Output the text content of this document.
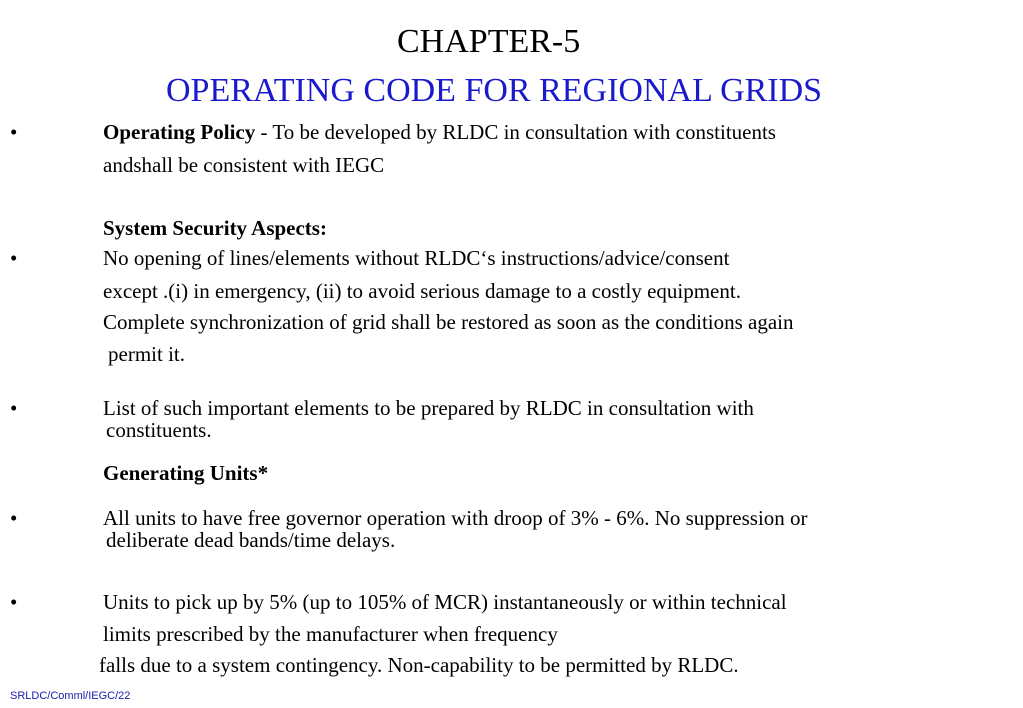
CHAPTER-5
OPERATING CODE FOR REGIONAL GRIDS
•	Operating Policy - To be developed by RLDC in consultation with constituents
andshall be consistent with IEGC
System Security Aspects:
•	No opening of lines/elements without RLDC‘s instructions/advice/consent
except .(i) in emergency, (ii) to avoid serious damage to a costly equipment.
Complete synchronization of grid shall be restored as soon as the conditions again
permit it.
•	List of such important elements to be prepared by RLDC in consultation with
constituents.
Generating Units*
•	All units to have free governor operation with droop of 3% - 6%. No suppression or
deliberate dead bands/time delays.
•	Units to pick up by 5% (up to 105% of MCR) instantaneously or within technical
limits prescribed by the manufacturer when frequency
falls due to a system contingency. Non-capability to be permitted by RLDC.
SRLDC/Comml/IEGC/22
